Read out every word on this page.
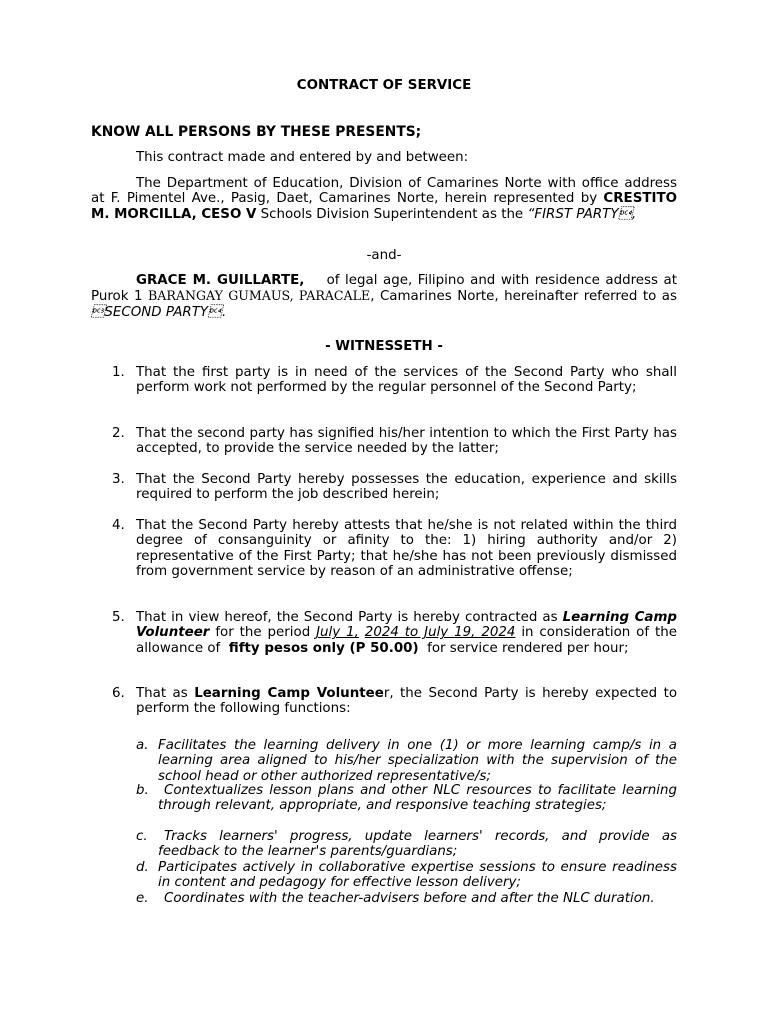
CONTRACT OF SERVICE
KNOW ALL PERSONS BY THESE PRESENTS;
This contract made and entered by and between:
The Department of Education, Division of Camarines Norte with office address at F. Pimentel Ave., Pasig, Daet, Camarines Norte, herein represented by CRESTITO M. MORCILLA, CESO V Schools Division Superintendent as the “FIRST PARTY,
-and-
GRACE M. GUILLARTE, of legal age, Filipino and with residence address at Purok 1 BARANGAY GUMAUS, PARACALE, Camarines Norte, hereinafter referred to as SECOND PARTY.
- WITNESSETH -
1. That the first party is in need of the services of the Second Party who shall perform work not performed by the regular personnel of the Second Party;
2. That the second party has signified his/her intention to which the First Party has accepted, to provide the service needed by the latter;
3. That the Second Party hereby possesses the education, experience and skills required to perform the job described herein;
4. That the Second Party hereby attests that he/she is not related within the third degree of consanguinity or afinity to the: 1) hiring authority and/or 2) representative of the First Party; that he/she has not been previously dismissed from government service by reason of an administrative offense;
5. That in view hereof, the Second Party is hereby contracted as Learning Camp Volunteer for the period July 1, 2024 to July 19, 2024 in consideration of the allowance of  fifty pesos only (P 50.00)  for service rendered per hour;
6. That as Learning Camp Volunteer, the Second Party is hereby expected to perform the following functions:
a. Facilitates the learning delivery in one (1) or more learning camp/s in a learning area aligned to his/her specialization with the supervision of the school head or other authorized representative/s;
b.	Contextualizes lesson plans and other NLC resources to facilitate learning through relevant, appropriate, and responsive teaching strategies;
c.	Tracks learners' progress, update learners' records, and provide as feedback to the learner's parents/guardians;
d. Participates actively in collaborative expertise sessions to ensure readiness in content and pedagogy for effective lesson delivery;
e.	Coordinates with the teacher-advisers before and after the NLC duration.
